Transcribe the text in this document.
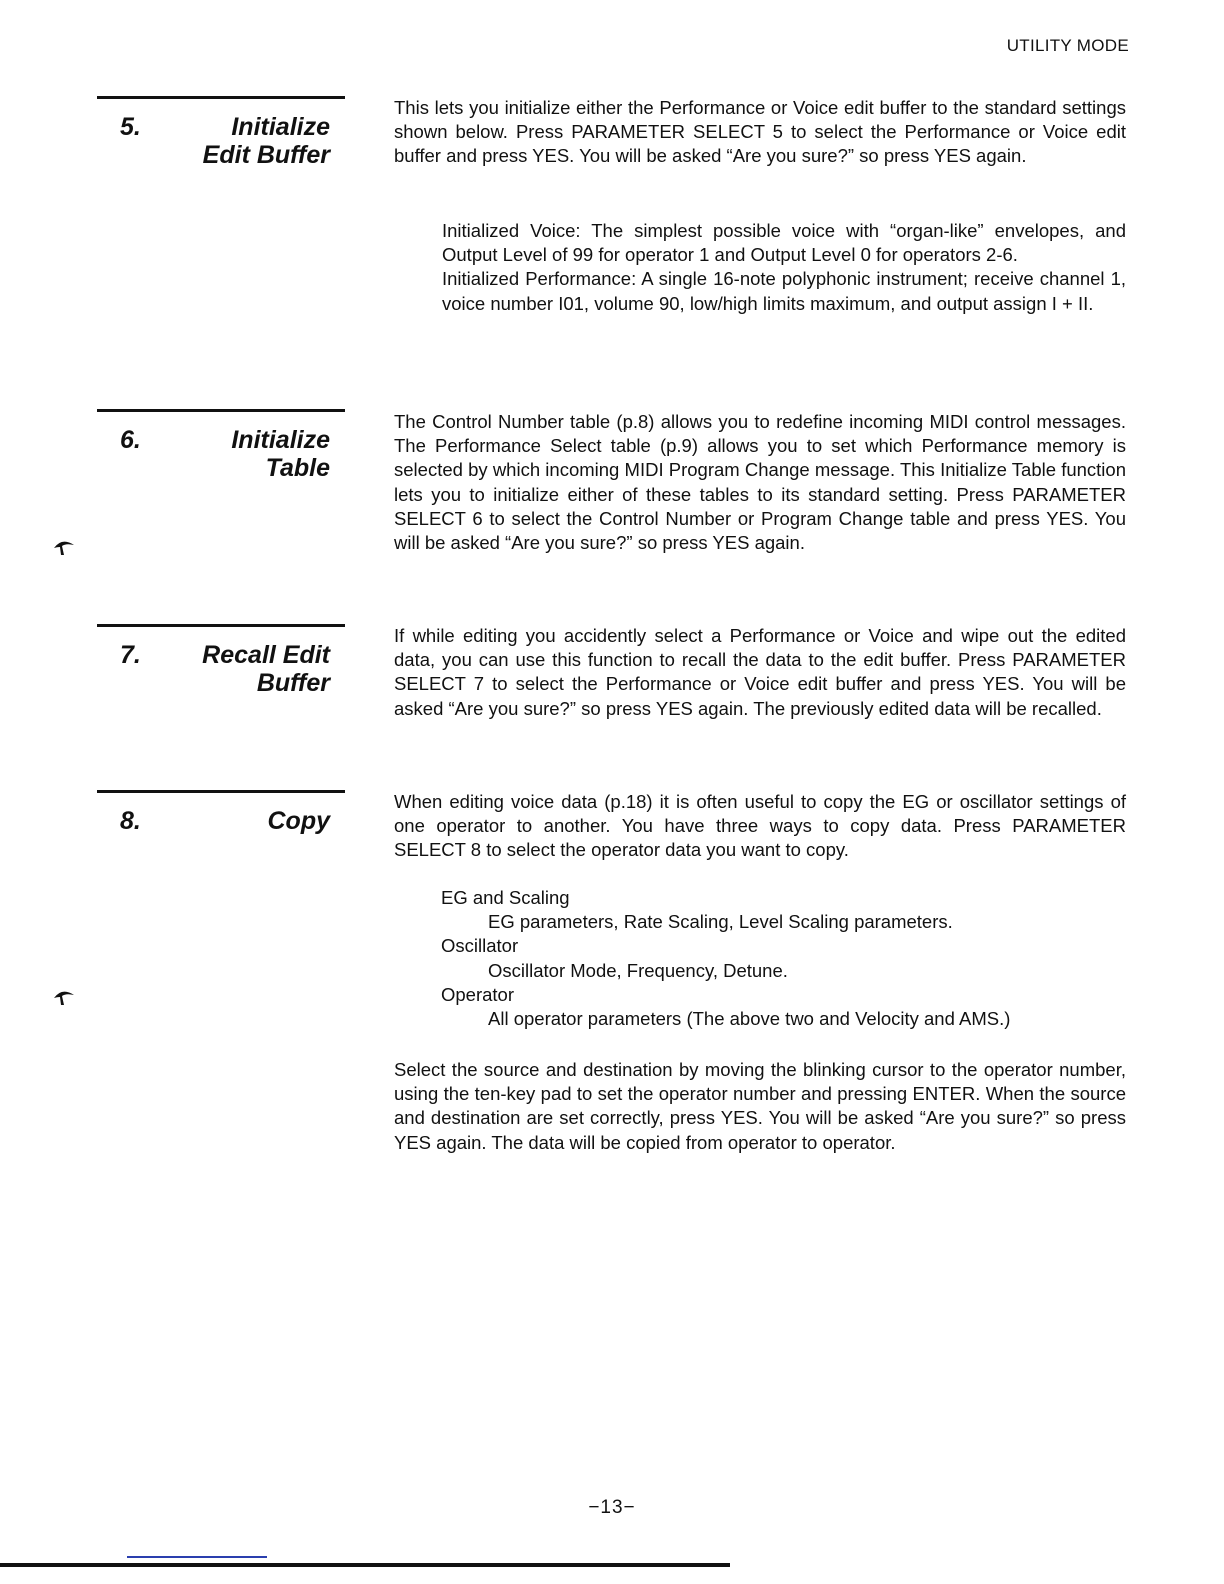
UTILITY MODE
5.	Initialize
Edit Buffer

This lets you initialize either the Performance or Voice edit buffer to the standard settings shown below. Press PARAMETER SELECT 5 to select the Performance or Voice edit buffer and press YES. You will be asked “Are you sure?” so press YES again.

Initialized Voice: The simplest possible voice with “organ-like” envelopes, and Output Level of 99 for operator 1 and Output Level 0 for operators 2-6.

Initialized Performance: A single 16-note polyphonic instrument; receive channel 1, voice number I01, volume 90, low/high limits maximum, and output assign I + II.

6.	Initialize
Table

The Control Number table (p.8) allows you to redefine incoming MIDI control messages. The Performance Select table (p.9) allows you to set which Performance memory is selected by which incoming MIDI Program Change message. This Initialize Table function lets you to initialize either of these tables to its standard setting. Press PARAMETER SELECT 6 to select the Control Number or Program Change table and press YES. You will be asked “Are you sure?” so press YES again.

7.	Recall Edit
Buffer

If while editing you accidently select a Performance or Voice and wipe out the edited data, you can use this function to recall the data to the edit buffer. Press PARAMETER SELECT 7 to select the Performance or Voice edit buffer and press YES. You will be asked “Are you sure?” so press YES again. The previously edited data will be recalled.

8.	Copy

When editing voice data (p.18) it is often useful to copy the EG or oscillator settings of one operator to another. You have three ways to copy data. Press PARAMETER SELECT 8 to select the operator data you want to copy.

EG and Scaling
EG parameters, Rate Scaling, Level Scaling parameters.
Oscillator
Oscillator Mode, Frequency, Detune.
Operator
All operator parameters (The above two and Velocity and AMS.)

Select the source and destination by moving the blinking cursor to the operator number, using the ten-key pad to set the operator number and pressing ENTER. When the source and destination are set correctly, press YES. You will be asked “Are you sure?” so press YES again. The data will be copied from operator to operator.

−13−
